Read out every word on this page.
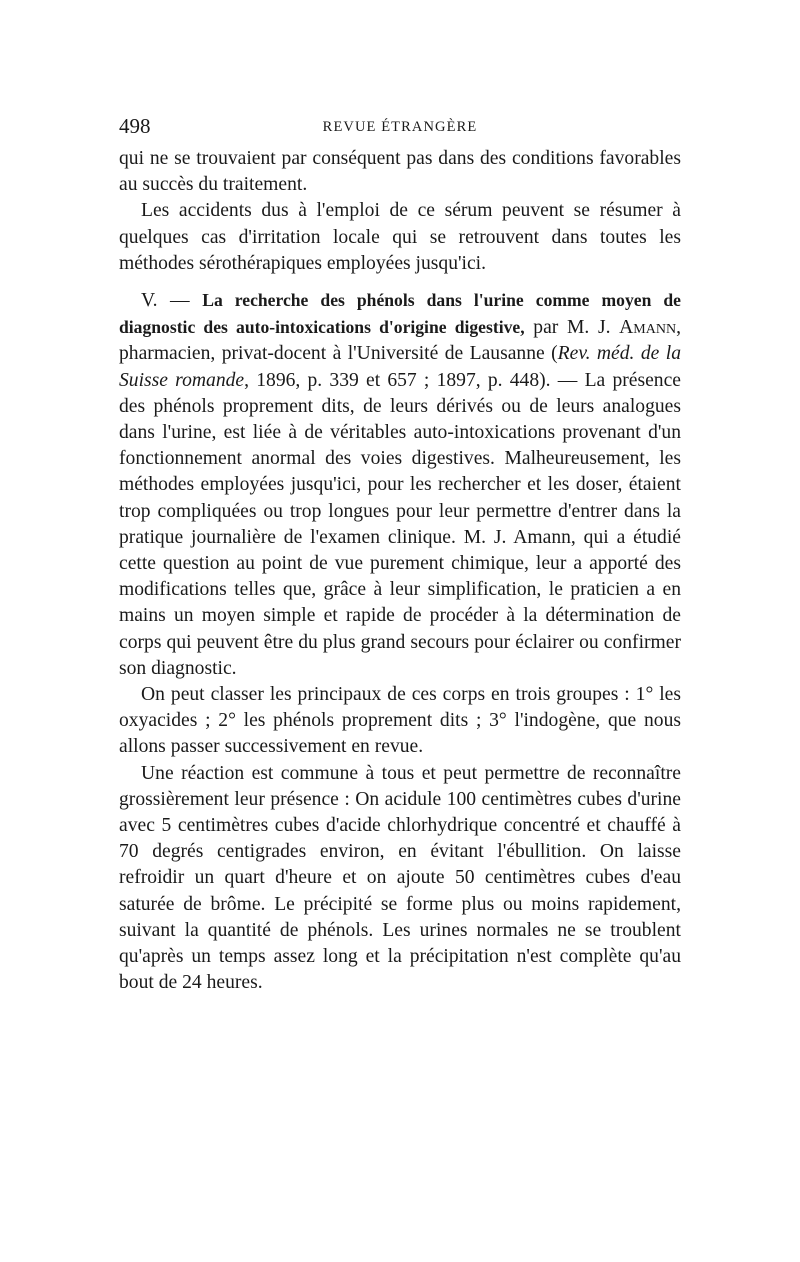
498	REVUE ÉTRANGÈRE

qui ne se trouvaient par conséquent pas dans des conditions favorables au succès du traitement.

Les accidents dus à l'emploi de ce sérum peuvent se résumer à quelques cas d'irritation locale qui se retrouvent dans toutes les méthodes sérothérapiques employées jusqu'ici.

V. — La recherche des phénols dans l'urine comme moyen de diagnostic des auto-intoxications d'origine digestive, par M. J. Amann, pharmacien, privat-docent à l'Université de Lausanne (Rev. méd. de la Suisse romande, 1896, p. 339 et 657 ; 1897, p. 448). — La présence des phénols proprement dits, de leurs dérivés ou de leurs analogues dans l'urine, est liée à de véritables auto-intoxications provenant d'un fonctionnement anormal des voies digestives. Malheureusement, les méthodes employées jusqu'ici, pour les rechercher et les doser, étaient trop compliquées ou trop longues pour leur permettre d'entrer dans la pratique journalière de l'examen clinique. M. J. Amann, qui a étudié cette question au point de vue purement chimique, leur a apporté des modifications telles que, grâce à leur simplification, le praticien a en mains un moyen simple et rapide de procéder à la détermination de corps qui peuvent être du plus grand secours pour éclairer ou confirmer son diagnostic.

On peut classer les principaux de ces corps en trois groupes : 1° les oxyacides ; 2° les phénols proprement dits ; 3° l'indogène, que nous allons passer successivement en revue.

Une réaction est commune à tous et peut permettre de reconnaître grossièrement leur présence : On acidule 100 centimètres cubes d'urine avec 5 centimètres cubes d'acide chlorhydrique concentré et chauffé à 70 degrés centigrades environ, en évitant l'ébullition. On laisse refroidir un quart d'heure et on ajoute 50 centimètres cubes d'eau saturée de brôme. Le précipité se forme plus ou moins rapidement, suivant la quantité de phénols. Les urines normales ne se troublent qu'après un temps assez long et la précipitation n'est complète qu'au bout de 24 heures.
